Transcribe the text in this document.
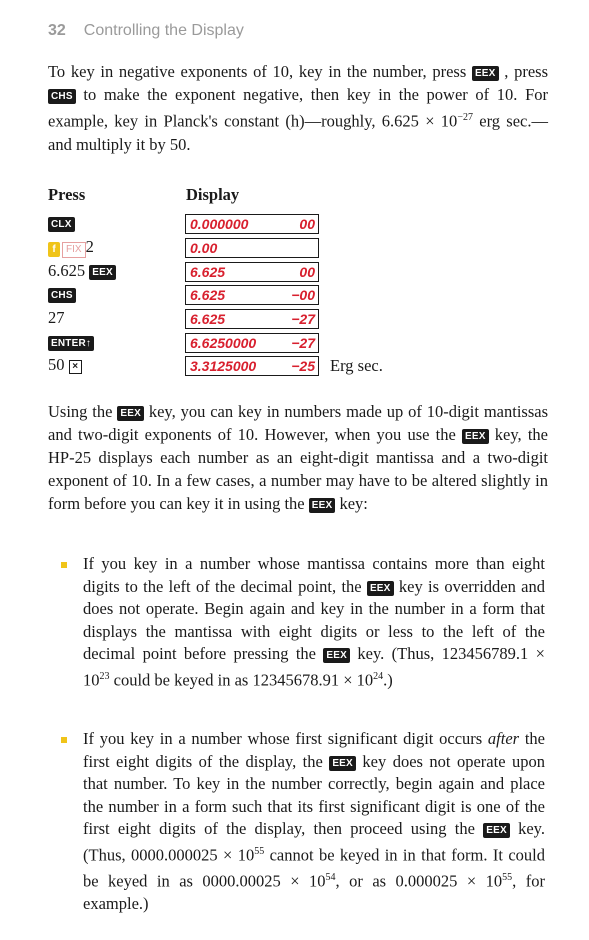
32 Controlling the Display

To key in negative exponents of 10, key in the number, press EEX , press CHS to make the exponent negative, then key in the power of 10. For example, key in Planck's constant (h)—roughly, $6.625 \times 10^{-27}$ erg sec.—and multiply it by 50.

Press	Display
CLX	0.000000	00
f FIX 2	0.00
6.625 EEX	6.625	00
CHS	6.625	−00
27	6.625	−27
ENTER↑	6.6250000	−27
50 ×	3.3125000	−25 Erg sec.

Using the EEX key, you can key in numbers made up of 10-digit mantissas and two-digit exponents of 10. However, when you use the EEX key, the HP-25 displays each number as an eight-digit mantissa and a two-digit exponent of 10. In a few cases, a number may have to be altered slightly in form before you can key it in using the EEX key:

If you key in a number whose mantissa contains more than eight digits to the left of the decimal point, the EEX key is overridden and does not operate. Begin again and key in the number in a form that displays the mantissa with eight digits or less to the left of the decimal point before pressing the EEX key. (Thus, $123456789.1 \times 10^{23}$ could be keyed in as $12345678.91 \times 10^{24}$.)

If you key in a number whose first significant digit occurs after the first eight digits of the display, the EEX key does not operate upon that number. To key in the number correctly, begin again and place the number in a form such that its first significant digit is one of the first eight digits of the display, then proceed using the EEX key. (Thus, $0000.000025 \times 10^{55}$ cannot be keyed in in that form. It could be keyed in as $0000.00025 \times 10^{54}$, or as $0.000025 \times 10^{55}$, for example.)
